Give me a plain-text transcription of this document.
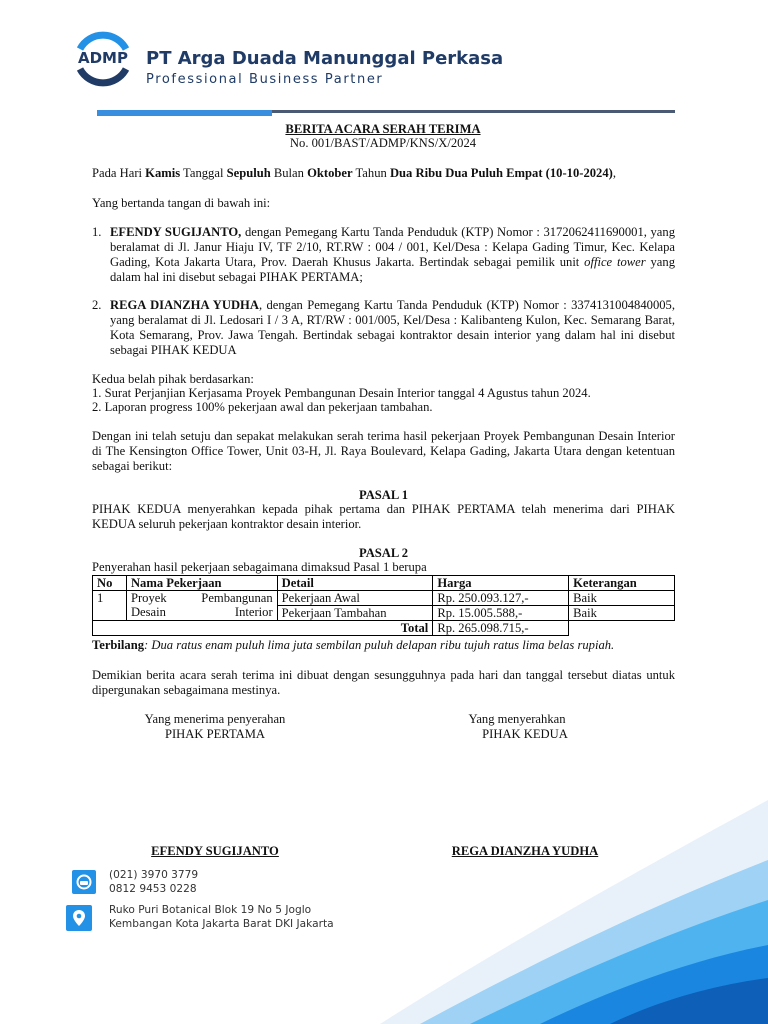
ADMP	PT Arga Duada Manunggal Perkasa
Professional Business Partner
BERITA ACARA SERAH TERIMA
No. 001/BAST/ADMP/KNS/X/2024
Pada Hari Kamis Tanggal Sepuluh Bulan Oktober Tahun Dua Ribu Dua Puluh Empat (10-10-2024),
Yang bertanda tangan di bawah ini:
1. EFENDY SUGIJANTO, dengan Pemegang Kartu Tanda Penduduk (KTP) Nomor : 3172062411690001, yang beralamat di Jl. Janur Hiaju IV, TF 2/10, RT.RW : 004 / 001, Kel/Desa : Kelapa Gading Timur, Kec. Kelapa Gading, Kota Jakarta Utara, Prov. Daerah Khusus Jakarta. Bertindak sebagai pemilik unit office tower yang dalam hal ini disebut sebagai PIHAK PERTAMA;
2. REGA DIANZHA YUDHA, dengan Pemegang Kartu Tanda Penduduk (KTP) Nomor : 3374131004840005, yang beralamat di Jl. Ledosari I / 3 A, RT/RW : 001/005, Kel/Desa : Kalibanteng Kulon, Kec. Semarang Barat, Kota Semarang, Prov. Jawa Tengah. Bertindak sebagai kontraktor desain interior yang dalam hal ini disebut sebagai PIHAK KEDUA
Kedua belah pihak berdasarkan:
1. Surat Perjanjian Kerjasama Proyek Pembangunan Desain Interior tanggal 4 Agustus tahun 2024.
2. Laporan progress 100% pekerjaan awal dan pekerjaan tambahan.
Dengan ini telah setuju dan sepakat melakukan serah terima hasil pekerjaan Proyek Pembangunan Desain Interior di The Kensington Office Tower, Unit 03-H, Jl. Raya Boulevard, Kelapa Gading, Jakarta Utara dengan ketentuan sebagai berikut:
PASAL 1
PIHAK KEDUA menyerahkan kepada pihak pertama dan PIHAK PERTAMA telah menerima dari PIHAK KEDUA seluruh pekerjaan kontraktor desain interior.
PASAL 2
Penyerahan hasil pekerjaan sebagaimana dimaksud Pasal 1 berupa
No	Nama Pekerjaan	Detail	Harga	Keterangan
1	Proyek Pembangunan Desain Interior	Pekerjaan Awal	Rp. 250.093.127,-	Baik
		Pekerjaan Tambahan	Rp. 15.005.588,-	Baik
Total			Rp. 265.098.715,-	
Terbilang: Dua ratus enam puluh lima juta sembilan puluh delapan ribu tujuh ratus lima belas rupiah.
Demikian berita acara serah terima ini dibuat dengan sesungguhnya pada hari dan tanggal tersebut diatas untuk dipergunakan sebagaimana mestinya.
Yang menerima penyerahan
PIHAK PERTAMA
Yang menyerahkan
PIHAK KEDUA
EFENDY SUGIJANTO	REGA DIANZHA YUDHA
(021) 3970 3779
0812 9453 0228
Ruko Puri Botanical Blok 19 No 5 Joglo
Kembangan Kota Jakarta Barat DKI Jakarta
